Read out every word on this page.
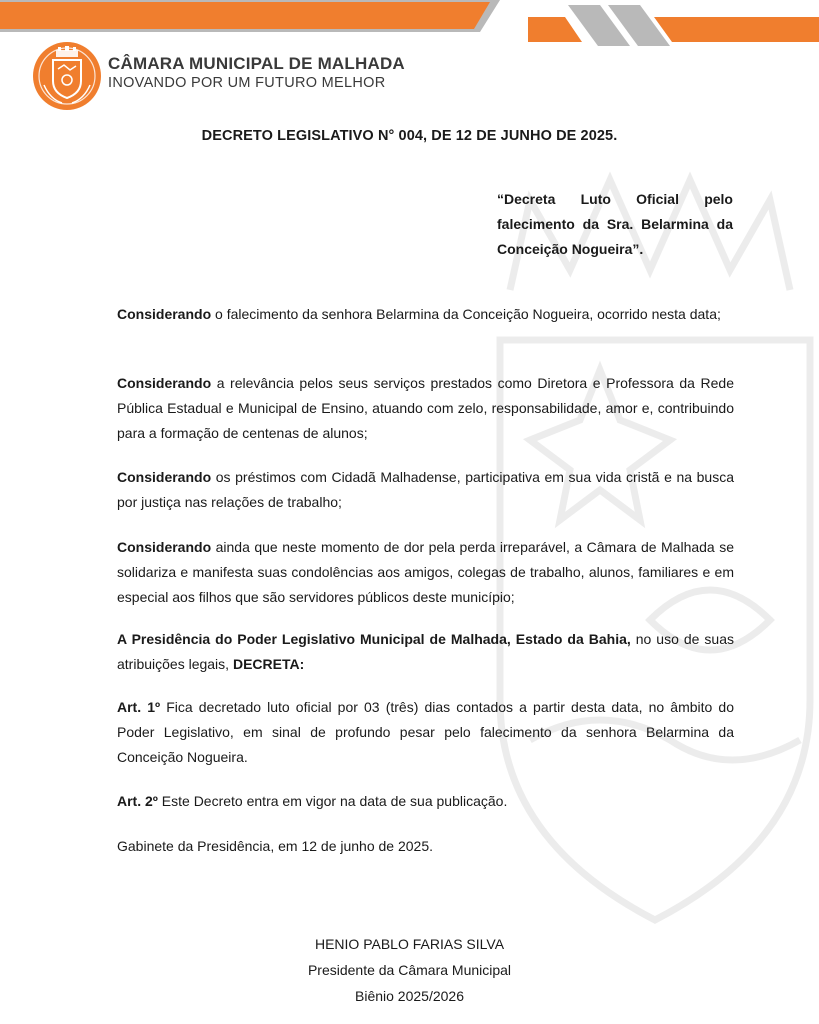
CÂMARA MUNICIPAL DE MALHADA
INOVANDO POR UM FUTURO MELHOR
DECRETO LEGISLATIVO N° 004, DE 12 DE JUNHO DE 2025.
“Decreta Luto Oficial pelo falecimento da Sra. Belarmina da Conceição Nogueira”.

Considerando o falecimento da senhora Belarmina da Conceição Nogueira, ocorrido nesta data;

Considerando a relevância pelos seus serviços prestados como Diretora e Professora da Rede Pública Estadual e Municipal de Ensino, atuando com zelo, responsabilidade, amor e, contribuindo para a formação de centenas de alunos;

Considerando os préstimos com Cidadã Malhadense, participativa em sua vida cristã e na busca por justiça nas relações de trabalho;

Considerando ainda que neste momento de dor pela perda irreparável, a Câmara de Malhada se solidariza e manifesta suas condolências aos amigos, colegas de trabalho, alunos, familiares e em especial aos filhos que são servidores públicos deste município;

A Presidência do Poder Legislativo Municipal de Malhada, Estado da Bahia, no uso de suas atribuições legais, DECRETA:

Art. 1º Fica decretado luto oficial por 03 (três) dias contados a partir desta data, no âmbito do Poder Legislativo, em sinal de profundo pesar pelo falecimento da senhora Belarmina da Conceição Nogueira.

Art. 2º Este Decreto entra em vigor na data de sua publicação.

Gabinete da Presidência, em 12 de junho de 2025.

HENIO PABLO FARIAS SILVA
Presidente da Câmara Municipal
Biênio 2025/2026
